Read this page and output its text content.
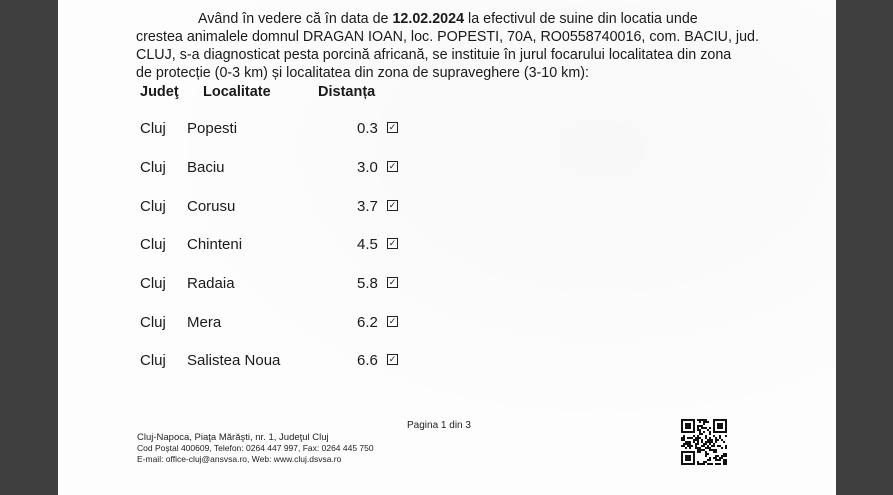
Având în vedere că în data de 12.02.2024 la efectivul de suine din locatia unde
crestea animalele domnul DRAGAN IOAN, loc. POPESTI, 70A, RO0558740016, com. BACIU, jud.
CLUJ, s-a diagnosticat pesta porcină africană, se instituie în jurul focarului localitatea din zona
de protecție (0-3 km) și localitatea din zona de supraveghere (3-10 km):
Judeţ Localitate	Distanța
Cluj Popesti	0.3 ✓
Cluj Baciu	3.0 ✓
Cluj Corusu	3.7 ✓
Cluj Chinteni	4.5 ✓
Cluj Radaia	5.8 ✓
Cluj Mera	6.2 ✓
Cluj Salistea Noua	6.6 ✓
Pagina 1 din 3
Cluj-Napoca, Piaţa Mărăşti, nr. 1, Judeţul Cluj
Cod Poştal 400609, Telefon: 0264 447 997, Fax: 0264 445 750
E-mail: office-cluj@ansvsa.ro, Web: www.cluj.dsvsa.ro
